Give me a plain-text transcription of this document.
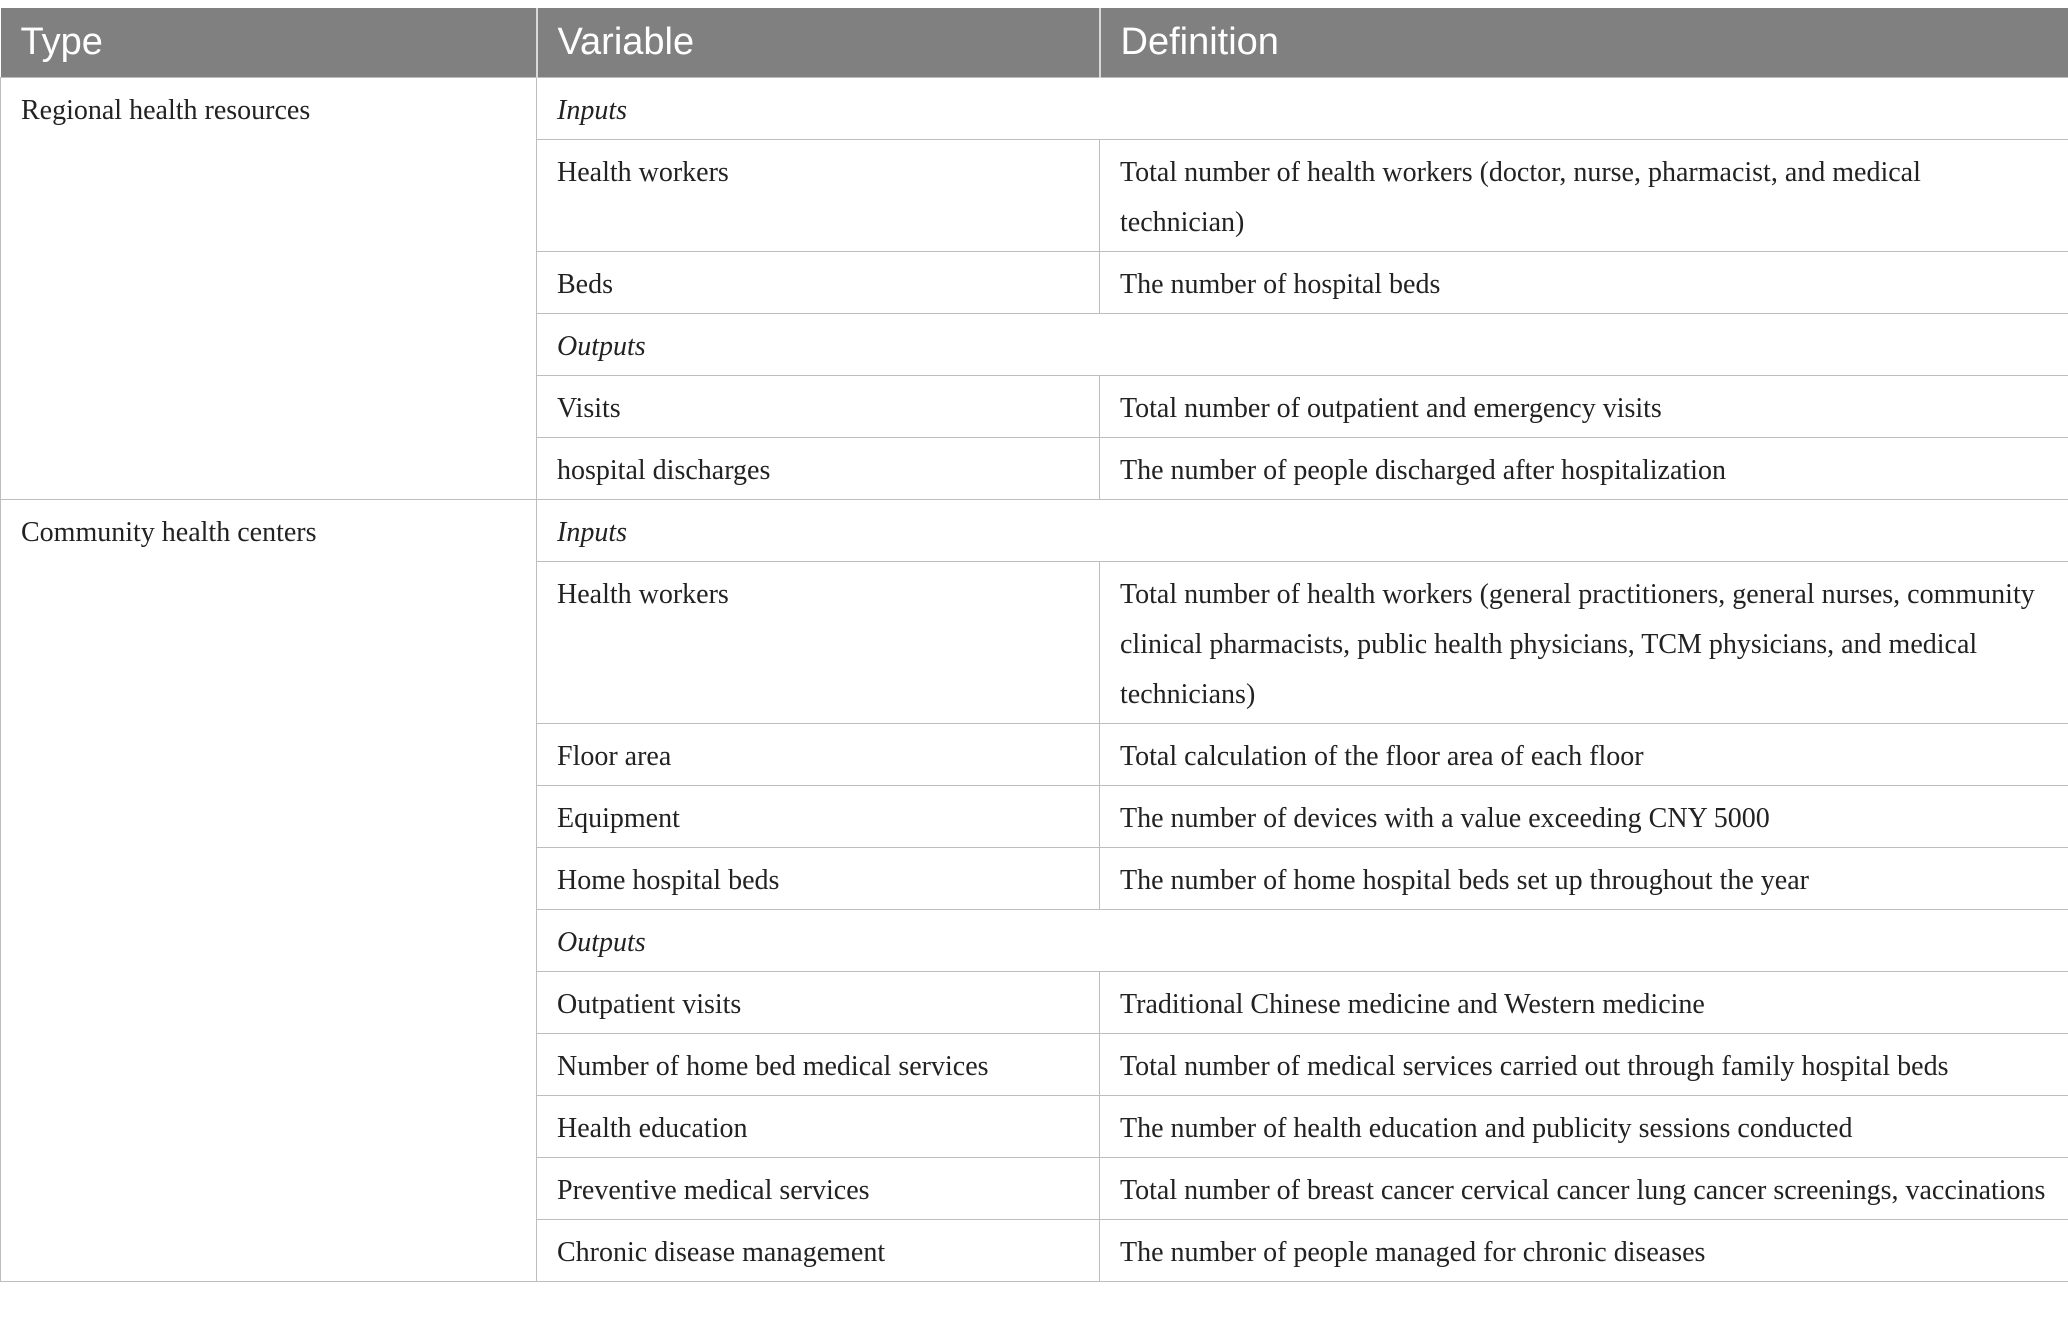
Type	Variable	Definition
Regional health resources	Inputs	
	Health workers	Total number of health workers (doctor, nurse, pharmacist, and medical technician)
	Beds	The number of hospital beds
	Outputs	
	Visits	Total number of outpatient and emergency visits
	hospital discharges	The number of people discharged after hospitalization
Community health centers	Inputs	
	Health workers	Total number of health workers (general practitioners, general nurses, community clinical pharmacists, public health physicians, TCM physicians, and medical technicians)
	Floor area	Total calculation of the floor area of each floor
	Equipment	The number of devices with a value exceeding CNY 5000
	Home hospital beds	The number of home hospital beds set up throughout the year
	Outputs	
	Outpatient visits	Traditional Chinese medicine and Western medicine
	Number of home bed medical services	Total number of medical services carried out through family hospital beds
	Health education	The number of health education and publicity sessions conducted
	Preventive medical services	Total number of breast cancer cervical cancer lung cancer screenings, vaccinations
	Chronic disease management	The number of people managed for chronic diseases
